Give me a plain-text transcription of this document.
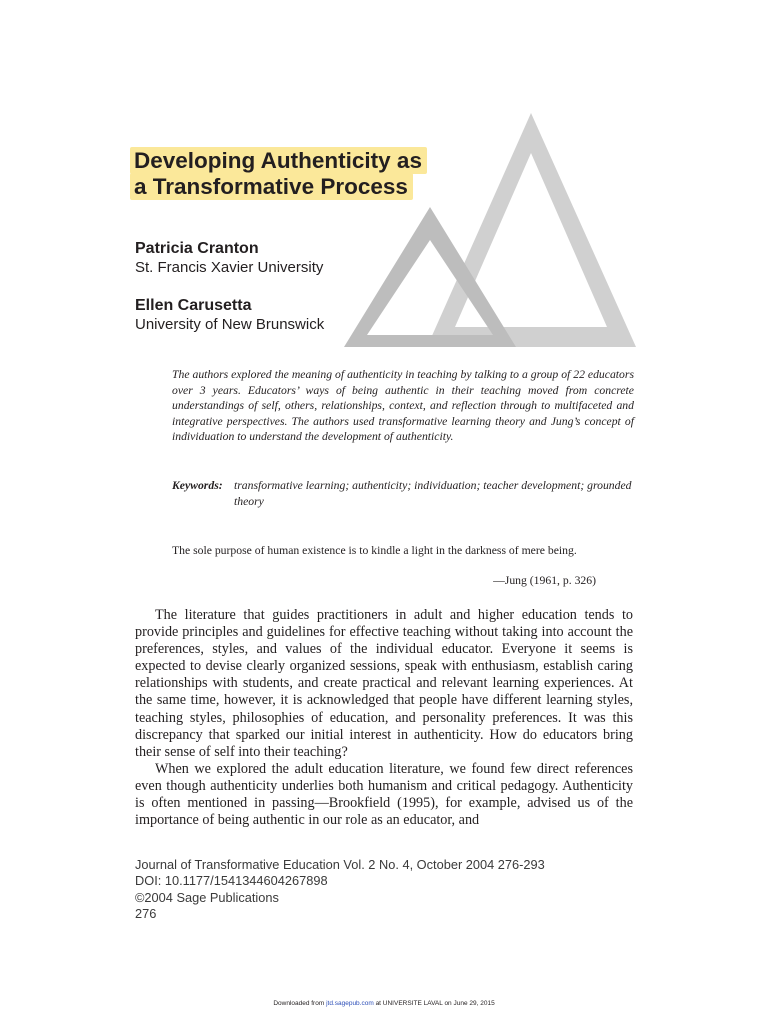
Developing Authenticity as
a Transformative Process
Patricia Cranton
St. Francis Xavier University
Ellen Carusetta
University of New Brunswick

The authors explored the meaning of authenticity in teaching by talking to a group of 22 educators over 3 years. Educators’ ways of being authentic in their teaching moved from concrete understandings of self, others, relationships, context, and reflection through to multifaceted and integrative perspectives. The authors used transformative learning theory and Jung’s concept of individuation to understand the development of authenticity.

Keywords: transformative learning; authenticity; individuation; teacher development; grounded theory

The sole purpose of human existence is to kindle a light in the darkness of mere being.

—Jung (1961, p. 326)

The literature that guides practitioners in adult and higher education tends to provide principles and guidelines for effective teaching without taking into account the preferences, styles, and values of the individual educator. Everyone it seems is expected to devise clearly organized sessions, speak with enthusiasm, establish caring relationships with students, and create practical and relevant learning experiences. At the same time, however, it is acknowledged that people have different learning styles, teaching styles, philosophies of education, and personality preferences. It was this discrepancy that sparked our initial interest in authenticity. How do educators bring their sense of self into their teaching?

When we explored the adult education literature, we found few direct references even though authenticity underlies both humanism and critical pedagogy. Authenticity is often mentioned in passing—Brookfield (1995), for example, advised us of the importance of being authentic in our role as an educator, and

Journal of Transformative Education Vol. 2 No. 4, October 2004 276-293
DOI: 10.1177/1541344604267898
©2004 Sage Publications
276
Downloaded from jtd.sagepub.com at UNIVERSITE LAVAL on June 29, 2015
